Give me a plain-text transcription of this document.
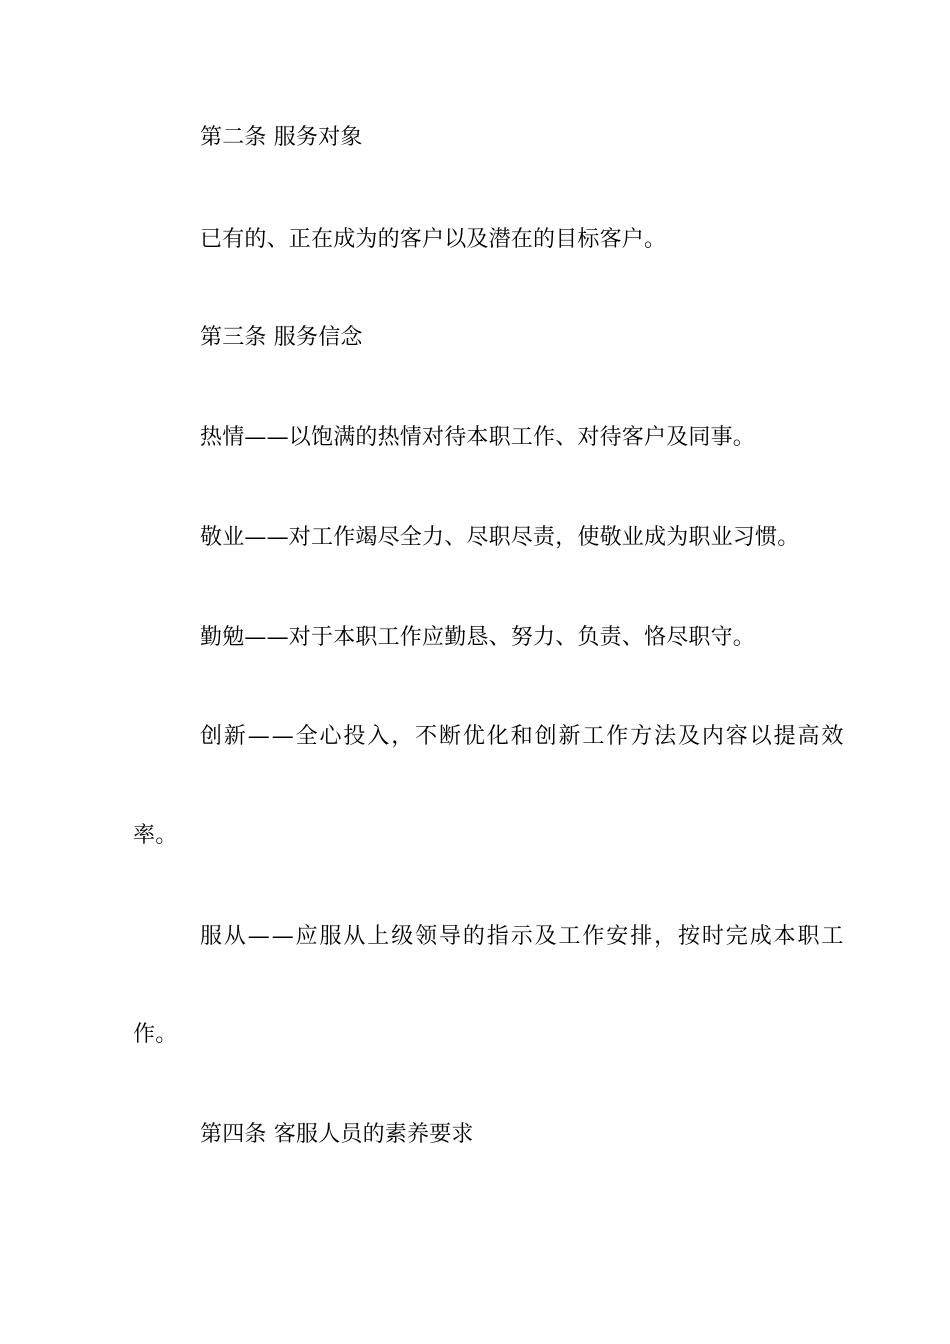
第二条 服务对象
已有的、正在成为的客户以及潜在的目标客户。
第三条 服务信念
热情——以饱满的热情对待本职工作、对待客户及同事。
敬业——对工作竭尽全力、尽职尽责，使敬业成为职业习惯。
勤勉——对于本职工作应勤恳、努力、负责、恪尽职守。
创新——全心投入，不断优化和创新工作方法及内容以提高效
率。
服从——应服从上级领导的指示及工作安排，按时完成本职工
作。
第四条 客服人员的素养要求
